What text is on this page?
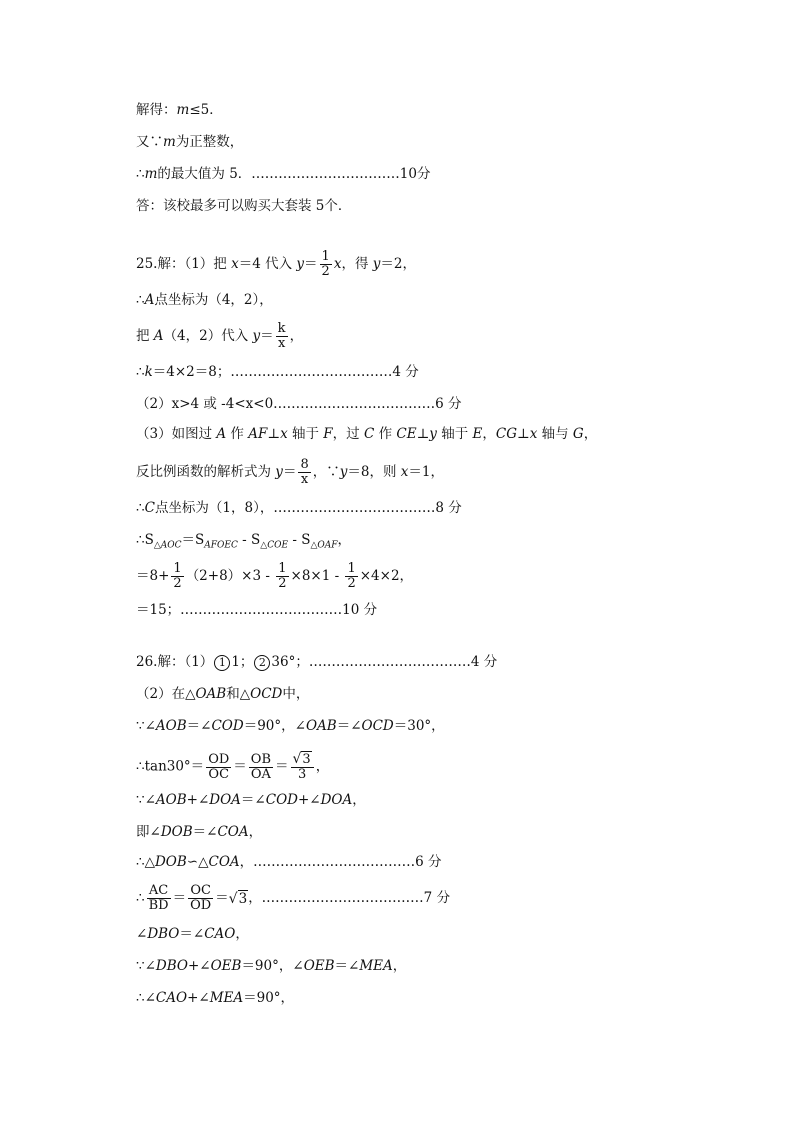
解得：m≤5．
又∵m为正整数，
∴m的最大值为 5．……………………………10分
答：该校最多可以购买大套装 5个．
25.解：（1）把 x＝4 代入 $y= \frac{1}{2}$ x，得 y＝2，
∴A点坐标为（4，2），
把 A（4，2）代入 $y= \frac{k}{x}$ ，
∴k＝4×2＝8；………………………………4 分
（2）x>4 或 -4<x<0………………………………6 分
（3）如图过 A 作 AF⊥x 轴于 F，过 C 作 CE⊥y 轴于 E，CG⊥x 轴与 G，
反比例函数的解析式为 $y= \frac{8}{x}$ ，∵y＝8，则 x＝1，
∴C点坐标为（1，8），………………………………8 分
$\therefore S_{\triangle AOC}=S_{AFOEC} - S_{\triangle COE} - S_{\triangle OAF}$，
$=8+ \frac{1}{2} (2+8)\times 3 - \frac{1}{2} \times 8\times 1 - \frac{1}{2} \times 4\times 2$，
＝15；………………………………10 分
26.解：（1） 1 1； 2 36°；………………………………4 分
（2）在△OAB和△OCD中，
∵∠AOB＝∠COD＝90°，∠OAB＝∠OCD＝30°，
∴tan30°＝ $\frac{OD}{OC} = \frac{OB}{OA} = \frac{√3}{3}$ ，
∵∠AOB+∠DOA＝∠COD+∠DOA，
即∠DOB＝∠COA，
∴△DOB∽△COA，………………………………6 分
∴ $\frac{AC}{BD} = \frac{OC}{OD} =√3$，………………………………7 分
∠DBO＝∠CAO，
∵∠DBO+∠OEB＝90°，∠OEB＝∠MEA，
∴∠CAO+∠MEA＝90°，
